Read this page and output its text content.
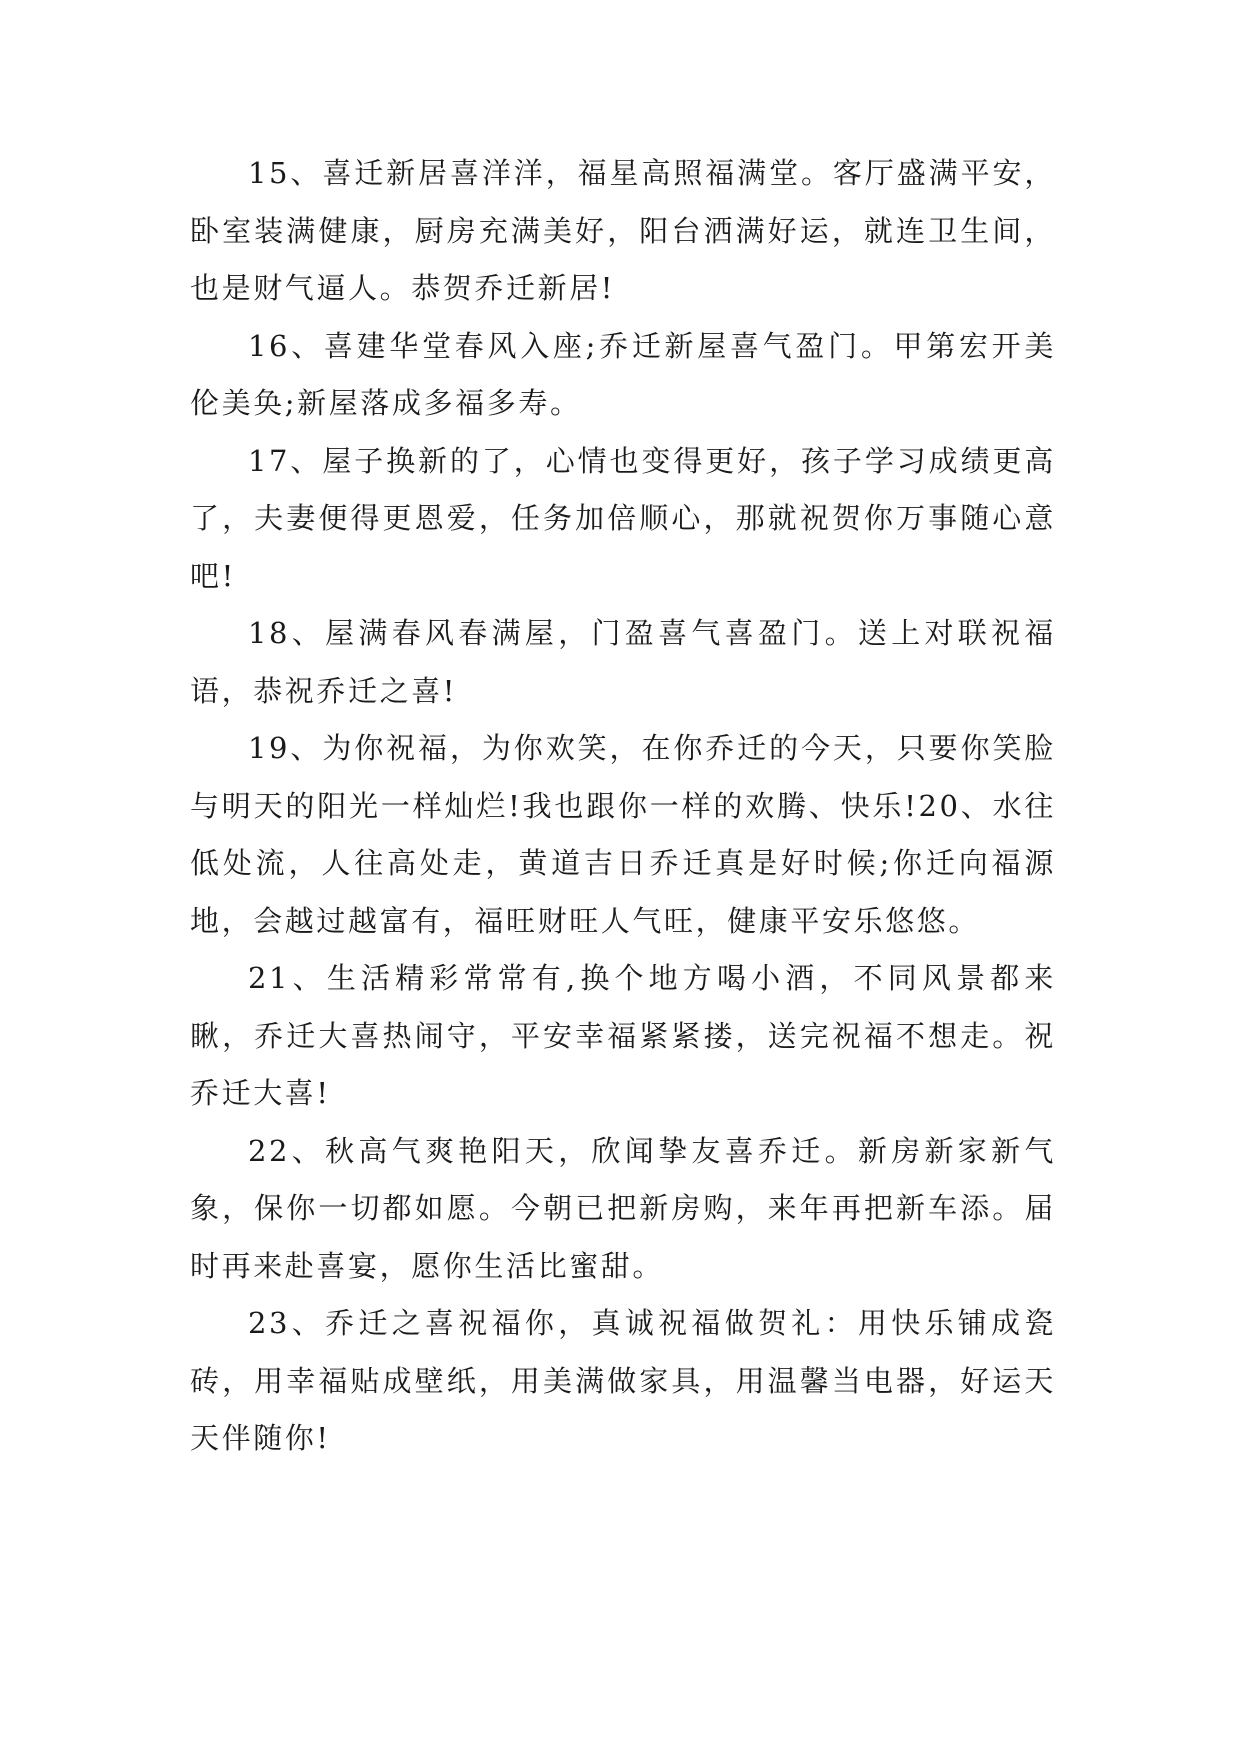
15、喜迁新居喜洋洋，福星高照福满堂。客厅盛满平安，卧室装满健康，厨房充满美好，阳台洒满好运，就连卫生间，也是财气逼人。恭贺乔迁新居!

16、喜建华堂春风入座;乔迁新屋喜气盈门。甲第宏开美伦美奂;新屋落成多福多寿。

17、屋子换新的了，心情也变得更好，孩子学习成绩更高了，夫妻便得更恩爱，任务加倍顺心，那就祝贺你万事随心意吧!

18、屋满春风春满屋，门盈喜气喜盈门。送上对联祝福语，恭祝乔迁之喜!

19、为你祝福，为你欢笑，在你乔迁的今天，只要你笑脸与明天的阳光一样灿烂!我也跟你一样的欢腾、快乐!20、水往低处流，人往高处走，黄道吉日乔迁真是好时候;你迁向福源地，会越过越富有，福旺财旺人气旺，健康平安乐悠悠。

21、生活精彩常常有,换个地方喝小酒，不同风景都来瞅，乔迁大喜热闹守，平安幸福紧紧搂，送完祝福不想走。祝乔迁大喜!

22、秋高气爽艳阳天，欣闻挚友喜乔迁。新房新家新气象，保你一切都如愿。今朝已把新房购，来年再把新车添。届时再来赴喜宴，愿你生活比蜜甜。

23、乔迁之喜祝福你，真诚祝福做贺礼：用快乐铺成瓷砖，用幸福贴成壁纸，用美满做家具，用温馨当电器，好运天天伴随你!
